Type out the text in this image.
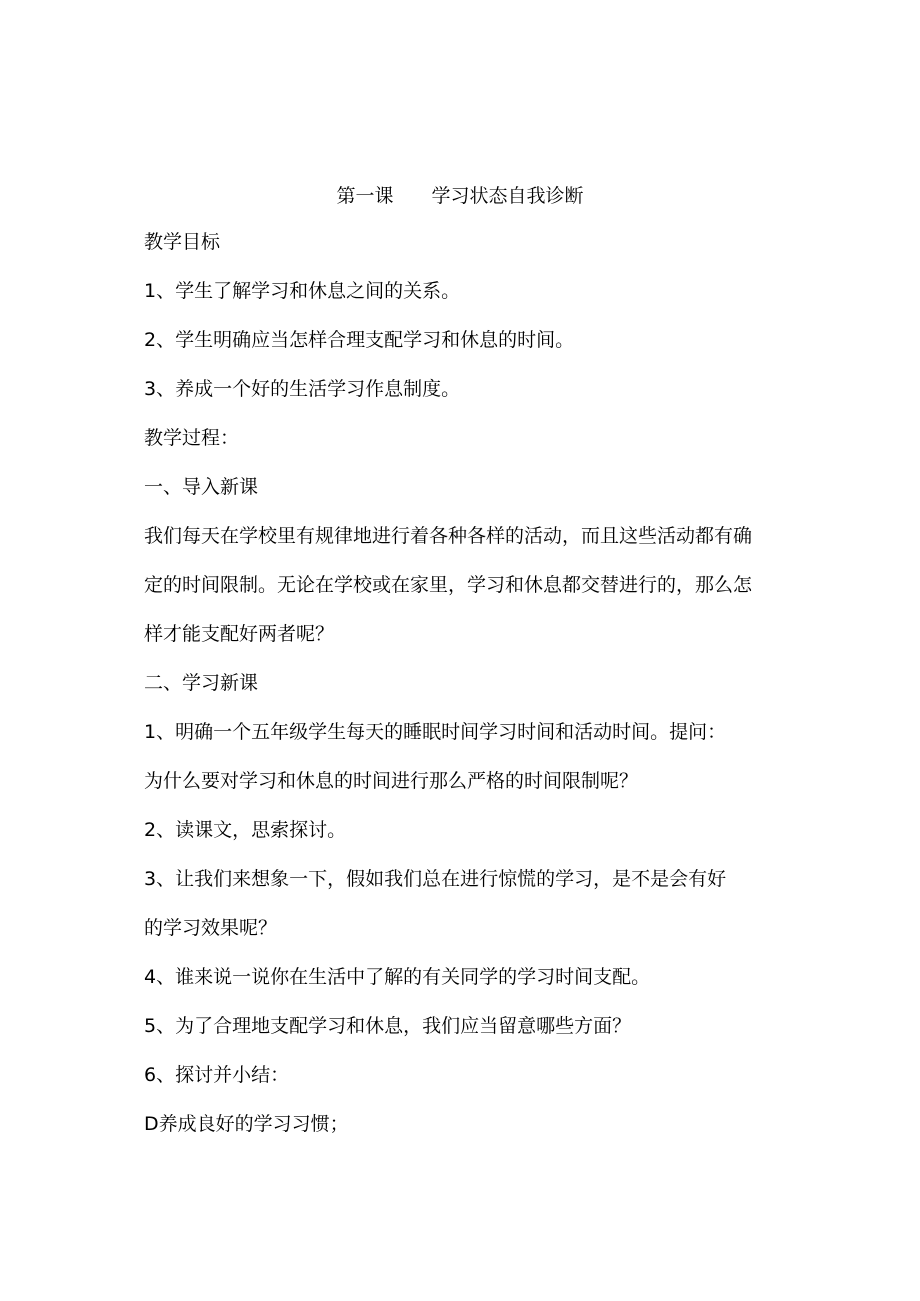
第一课　　学习状态自我诊断
教学目标
1、学生了解学习和休息之间的关系。
2、学生明确应当怎样合理支配学习和休息的时间。
3、养成一个好的生活学习作息制度。
教学过程：
一、导入新课
我们每天在学校里有规律地进行着各种各样的活动，而且这些活动都有确
定的时间限制。无论在学校或在家里，学习和休息都交替进行的，那么怎
样才能支配好两者呢？
二、学习新课
1、明确一个五年级学生每天的睡眠时间学习时间和活动时间。提问：
为什么要对学习和休息的时间进行那么严格的时间限制呢？
2、读课文，思索探讨。
3、让我们来想象一下，假如我们总在进行惊慌的学习，是不是会有好
的学习效果呢？
4、谁来说一说你在生活中了解的有关同学的学习时间支配。
5、为了合理地支配学习和休息，我们应当留意哪些方面？
6、探讨并小结：
D养成良好的学习习惯；
